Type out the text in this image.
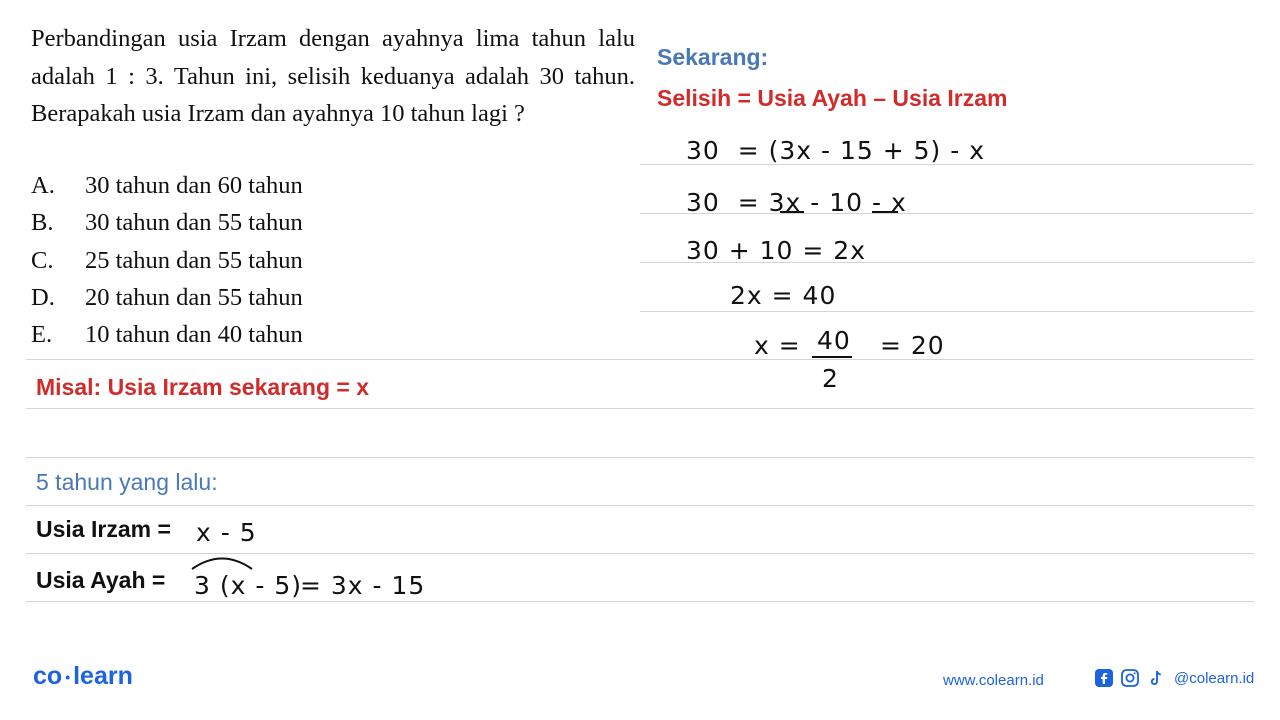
Perbandingan usia Irzam dengan ayahnya lima tahun lalu adalah 1 : 3. Tahun ini, selisih keduanya adalah 30 tahun. Berapakah usia Irzam dan ayahnya 10 tahun lagi ?
A. 30 tahun dan 60 tahun
B. 30 tahun dan 55 tahun
C. 25 tahun dan 55 tahun
D. 20 tahun dan 55 tahun
E. 10 tahun dan 40 tahun
Misal: Usia Irzam sekarang = x
5 tahun yang lalu:
Usia Irzam = x - 5
Usia Ayah = 3 (x - 5)
= 3x - 15
Sekarang:
Selisih = Usia Ayah – Usia Irzam
30  = (3x - 15 + 5) - x
30  = 3x - 10 - x
30 + 10 = 2x
2x = 40
x = 40
2
= 20
co • learn	www.colearn.id	@colearn.id
